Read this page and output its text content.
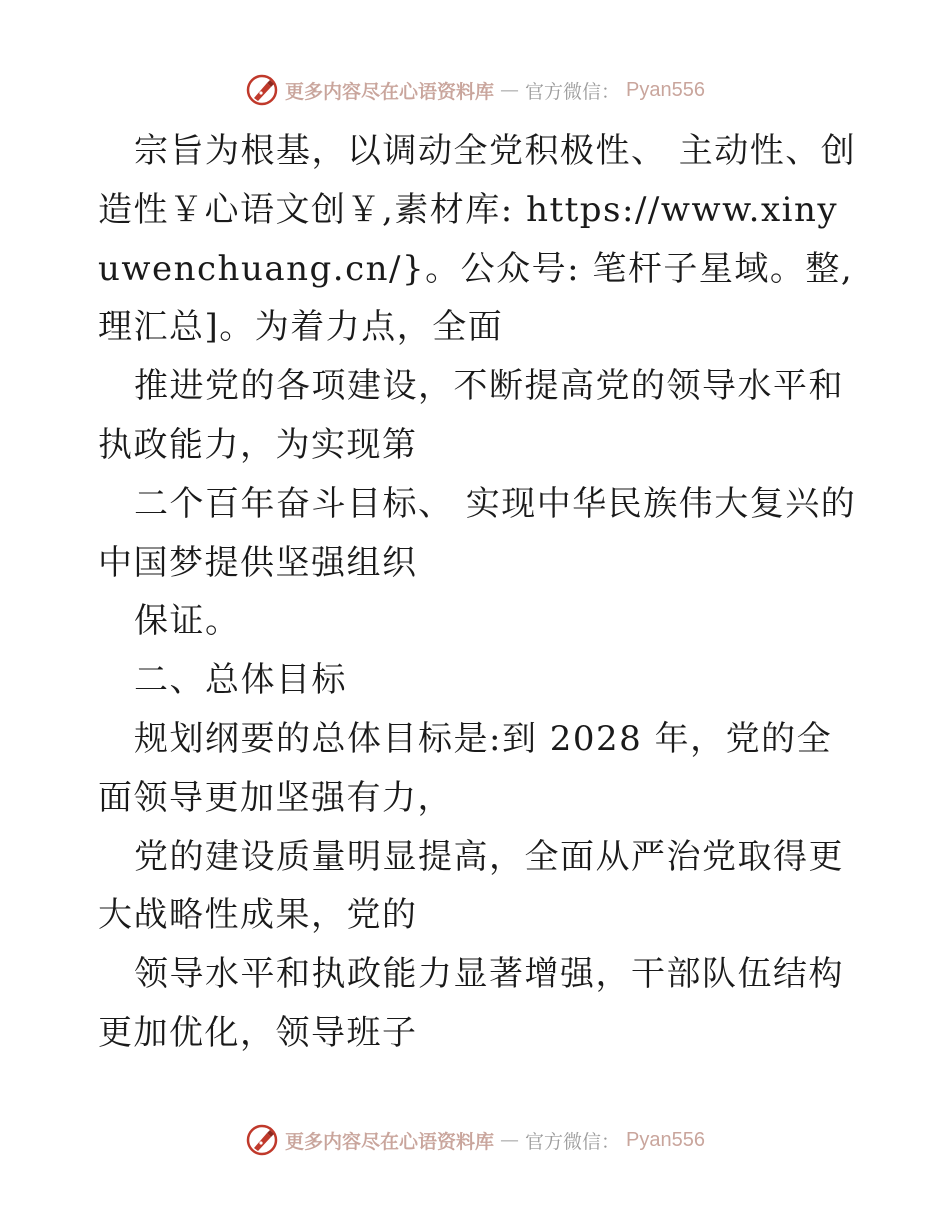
更多内容尽在心语资料库 — 官方微信： Pyan556

宗旨为根基，以调动全党积极性、 主动性、创造性￥心语文创￥,素材库: https://www.xinyuwenchuang.cn/}。公众号: 笔杆子星域。整,理汇总]。为着力点，全面

推进党的各项建设，不断提高党的领导水平和执政能力，为实现第

二个百年奋斗目标、 实现中华民族伟大复兴的中国梦提供坚强组织

保证。

二、总体目标

规划纲要的总体目标是:到 2028 年，党的全面领导更加坚强有力，

党的建设质量明显提高，全面从严治党取得更大战略性成果，党的

领导水平和执政能力显著增强，干部队伍结构更加优化，领导班子

更多内容尽在心语资料库 — 官方微信： Pyan556
